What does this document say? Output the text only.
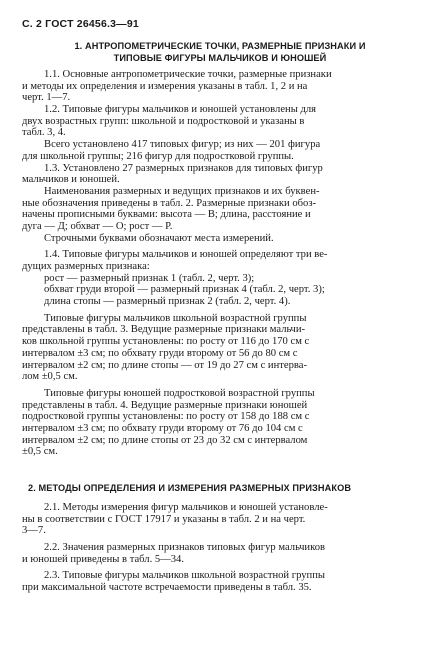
С. 2 ГОСТ 26456.3—91
1. АНТРОПОМЕТРИЧЕСКИЕ ТОЧКИ, РАЗМЕРНЫЕ ПРИЗНАКИ И
ТИПОВЫЕ ФИГУРЫ МАЛЬЧИКОВ И ЮНОШЕЙ
1.1. Основные антропометрические точки, размерные признаки
и методы их определения и измерения указаны в табл. 1, 2 и на
черт. 1—7.
1.2. Типовые фигуры мальчиков и юношей установлены для
двух возрастных групп: школьной и подростковой и указаны в
табл. 3, 4.
Всего установлено 417 типовых фигур; из них — 201 фигура
для школьной группы; 216 фигур для подростковой группы.
1.3. Установлено 27 размерных признаков для типовых фигур
мальчиков и юношей.
Наименования размерных и ведущих признаков и их буквен-
ные обозначения приведены в табл. 2. Размерные признаки обоз-
начены прописными буквами: высота — В; длина, расстояние и
дуга — Д; обхват — О; рост — Р.
Строчными буквами обозначают места измерений.
1.4. Типовые фигуры мальчиков и юношей определяют три ве-
дущих размерных признака:
рост — размерный признак 1 (табл. 2, черт. 3);
обхват груди второй — размерный признак 4 (табл. 2, черт. 3);
длина стопы — размерный признак 2 (табл. 2, черт. 4).
Типовые фигуры мальчиков школьной возрастной группы
представлены в табл. 3. Ведущие размерные признаки мальчи-
ков школьной группы установлены: по росту от 116 до 170 см с
интервалом ±3 см; по обхвату груди второму от 56 до 80 см с
интервалом ±2 см; по длине стопы — от 19 до 27 см с интерва-
лом ±0,5 см.
Типовые фигуры юношей подростковой возрастной группы
представлены в табл. 4. Ведущие размерные признаки юношей
подростковой группы установлены: по росту от 158 до 188 см с
интервалом ±3 см; по обхвату груди второму от 76 до 104 см с
интервалом ±2 см; по длине стопы от 23 до 32 см с интервалом
±0,5 см.
2. МЕТОДЫ ОПРЕДЕЛЕНИЯ И ИЗМЕРЕНИЯ РАЗМЕРНЫХ ПРИЗНАКОВ
2.1. Методы измерения фигур мальчиков и юношей установле-
ны в соответствии с ГОСТ 17917 и указаны в табл. 2 и на черт.
3—7.
2.2. Значения размерных признаков типовых фигур мальчиков
и юношей приведены в табл. 5—34.
2.3. Типовые фигуры мальчиков школьной возрастной группы
при максимальной частоте встречаемости приведены в табл. 35.
